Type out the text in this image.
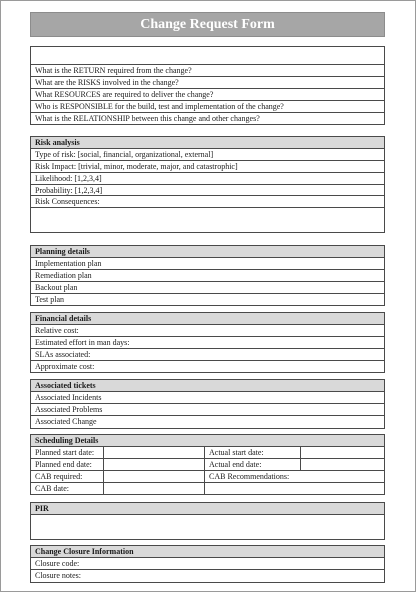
Change Request Form
What is the RETURN required from the change?
What are the RISKS involved in the change?
What RESOURCES are required to deliver the change?
Who is RESPONSIBLE for the build, test and implementation of the change?
What is the RELATIONSHIP between this change and other changes?
Risk analysis
Type of risk: [social, financial, organizational, external]
Risk Impact: [trivial, minor, moderate, major, and catastrophic]
Likelihood: [1,2,3,4]
Probability: [1,2,3,4]
Risk Consequences:
Planning details
Implementation plan
Remediation plan
Backout plan
Test plan
Financial details
Relative cost:
Estimated effort in man days:
SLAs associated:
Approximate cost:
Associated tickets
Associated Incidents
Associated Problems
Associated Change
Scheduling Details
Planned start date:	Actual start date:
Planned end date:	Actual end date:
CAB required:	CAB Recommendations:
CAB date:
PIR
Change Closure Information
Closure code:
Closure notes:
